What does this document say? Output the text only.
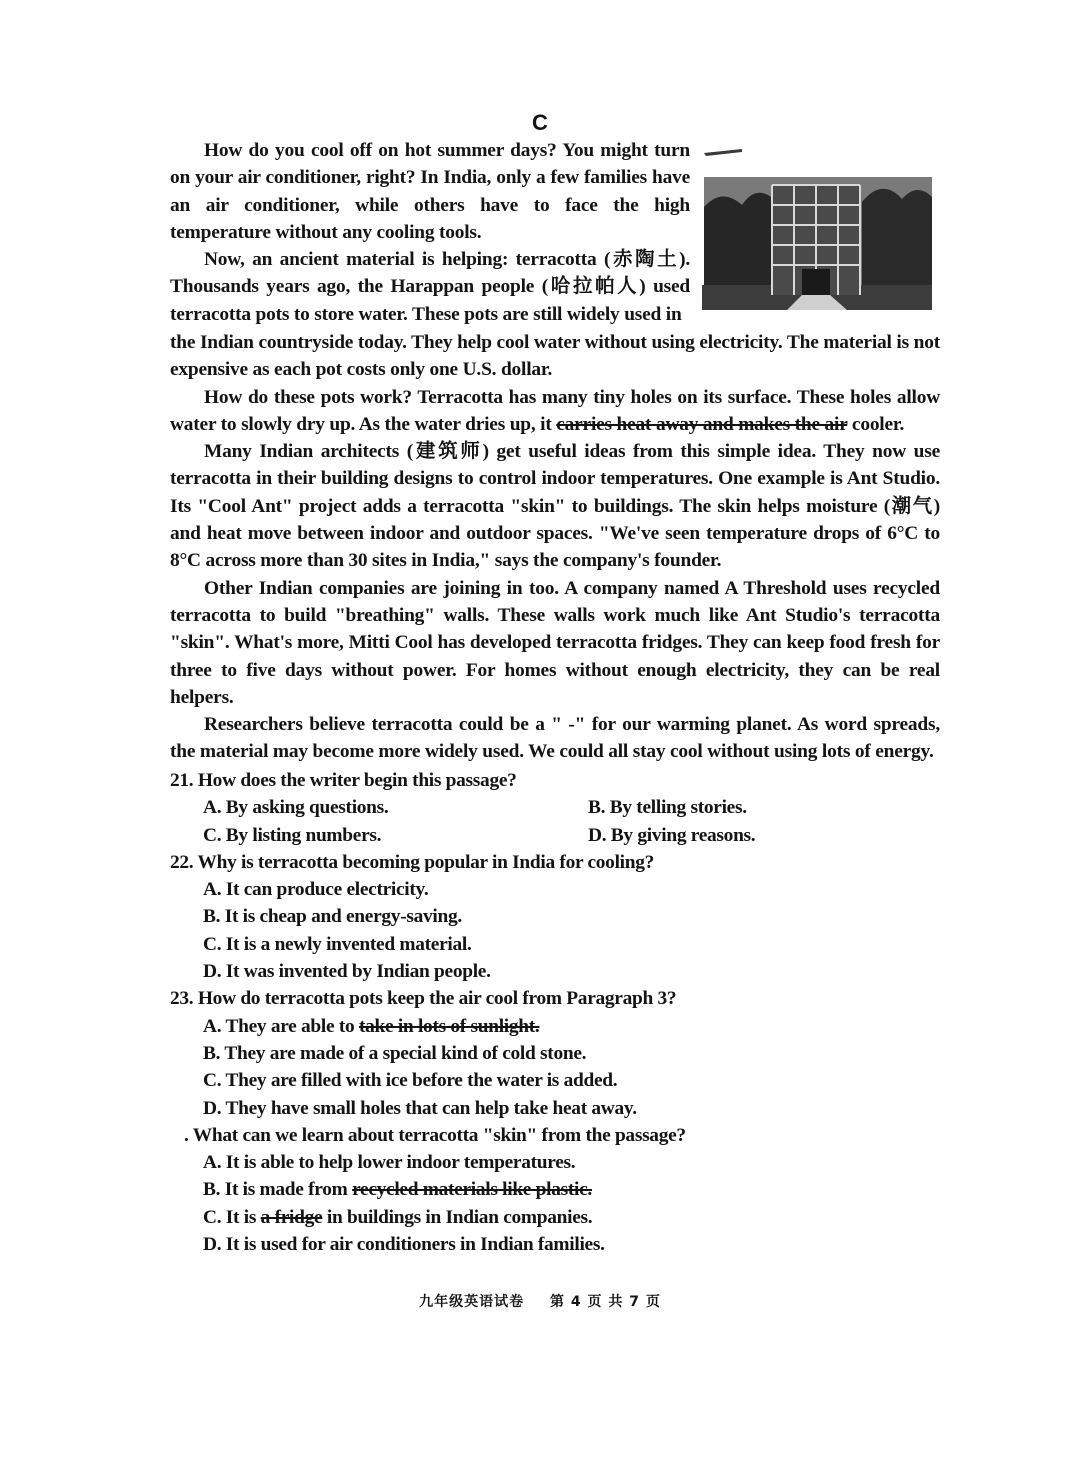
C

How do you cool off on hot summer days? You might turn on your air conditioner, right? In India, only a few families have an air conditioner, while others have to face the high temperature without any cooling tools.

Now, an ancient material is helping: terracotta (赤陶土). Thousands years ago, the Harappan people (哈拉帕人) used terracotta pots to store water. These pots are still widely used in

the Indian countryside today. They help cool water without using electricity. The material is not expensive as each pot costs only one U.S. dollar.

How do these pots work? Terracotta has many tiny holes on its surface. These holes allow water to slowly dry up. As the water dries up, it carries heat away and makes the air cooler.

Many Indian architects (建筑师) get useful ideas from this simple idea. They now use terracotta in their building designs to control indoor temperatures. One example is Ant Studio. Its "Cool Ant" project adds a terracotta "skin" to buildings. The skin helps moisture (潮气) and heat move between indoor and outdoor spaces. "We've seen temperature drops of 6°C to 8°C across more than 30 sites in India," says the company's founder.

Other Indian companies are joining in too. A company named A Threshold uses recycled terracotta to build "breathing" walls. These walls work much like Ant Studio's terracotta "skin". What's more, Mitti Cool has developed terracotta fridges. They can keep food fresh for three to five days without power. For homes without enough electricity, they can be real helpers.

Researchers believe terracotta could be a " -" for our warming planet. As word spreads, the material may become more widely used. We could all stay cool without using lots of energy.

21. How does the writer begin this passage?

A. By asking questions.	B. By telling stories.

C. By listing numbers.	D. By giving reasons.

22. Why is terracotta becoming popular in India for cooling?

A. It can produce electricity.

B. It is cheap and energy-saving.

C. It is a newly invented material.

D. It was invented by Indian people.

23. How do terracotta pots keep the air cool from Paragraph 3?

A. They are able to take in lots of sunlight.

B. They are made of a special kind of cold stone.

C. They are filled with ice before the water is added.

D. They have small holes that can help take heat away.

. What can we learn about terracotta "skin" from the passage?

A. It is able to help lower indoor temperatures.

B. It is made from recycled materials like plastic.

C. It is a fridge in buildings in Indian companies.

D. It is used for air conditioners in Indian families.

九年级英语试卷 第 4 页 共 7 页
